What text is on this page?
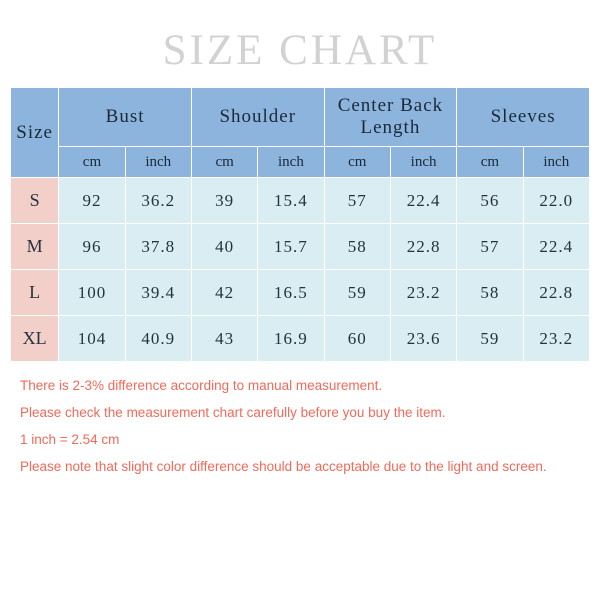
SIZE CHART
Size	Bust		Shoulder		Center Back Length		Sleeves	
	cm	inch	cm	inch	cm	inch	cm	inch
S	92	36.2	39	15.4	57	22.4	56	22.0
M	96	37.8	40	15.7	58	22.8	57	22.4
L	100	39.4	42	16.5	59	23.2	58	22.8
XL	104	40.9	43	16.9	60	23.6	59	23.2
There is 2-3% difference according to manual measurement.
Please check the measurement chart carefully before you buy the item.
1 inch = 2.54 cm
Please note that slight color difference should be acceptable due to the light and screen.
